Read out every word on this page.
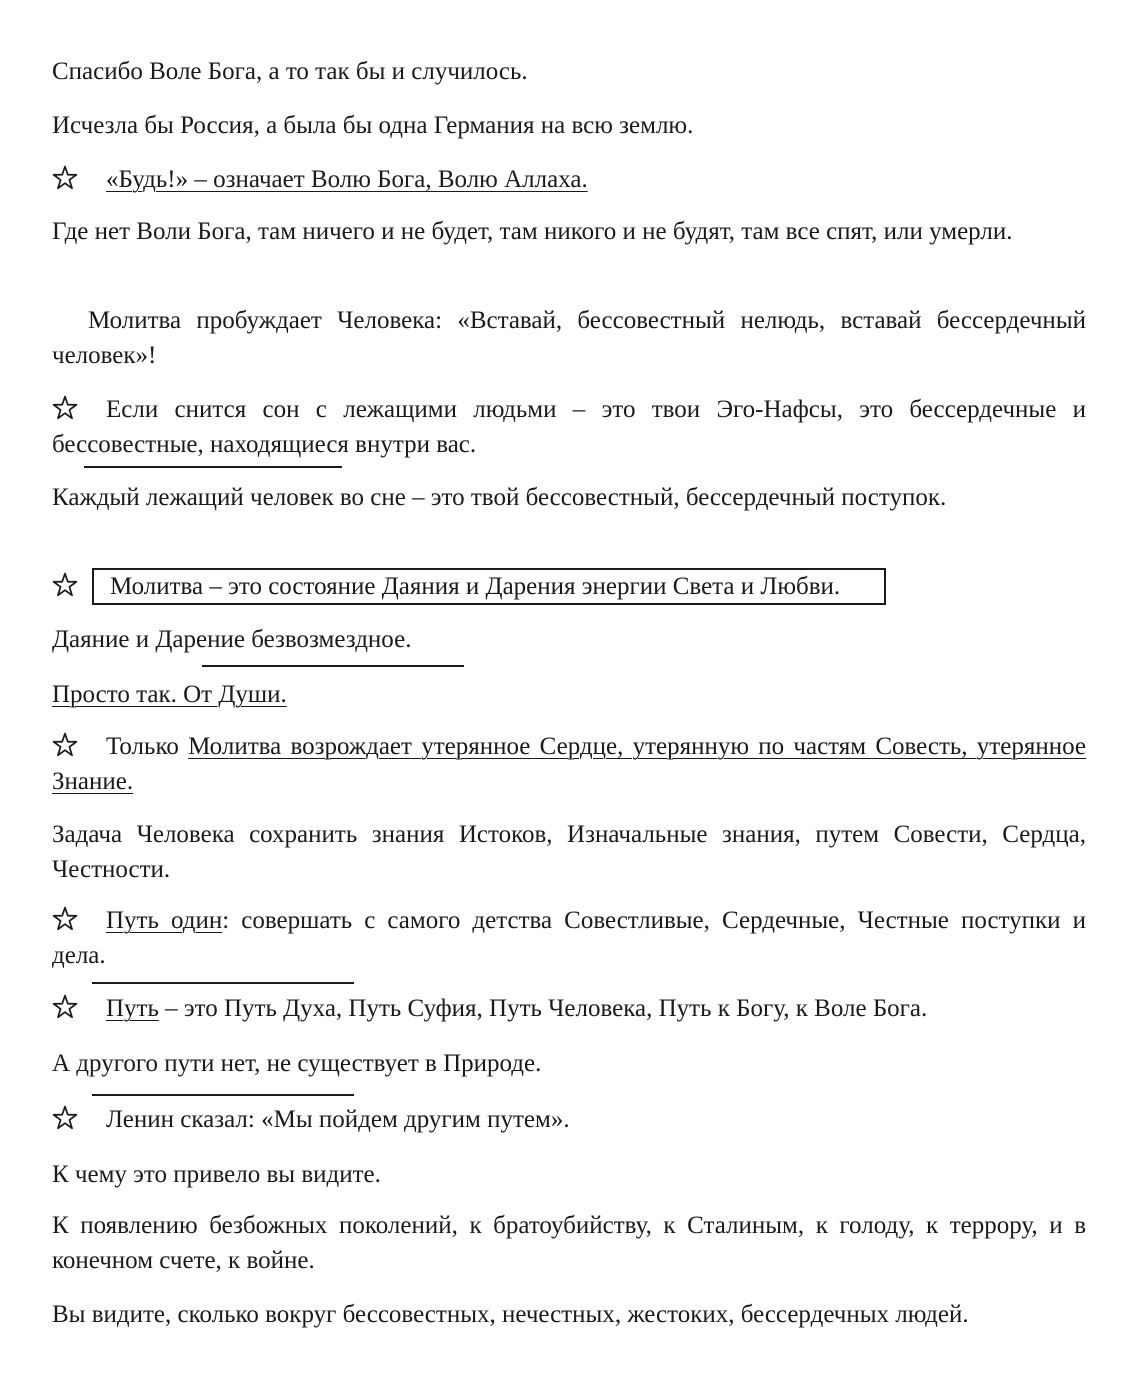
Спасибо Воле Бога, а то так бы и случилось.

Исчезла бы Россия, а была бы одна Германия на всю землю.

«Будь!» – означает Волю Бога, Волю Аллаха.

Где нет Воли Бога, там ничего и не будет, там никого и не будят, там все спят, или умерли.

Молитва пробуждает Человека: «Вставай, бессовестный нелюдь, вставай бессердечный человек»!

Если снится сон с лежащими людьми – это твои Эго-Нафсы, это бессердечные и бессовестные, находящиеся внутри вас.

Каждый лежащий человек во сне – это твой бессовестный, бессердечный поступок.

Молитва – это состояние Даяния и Дарения энергии Света и Любви.

Даяние и Дарение безвозмездное.

Просто так. От Души.

Только Молитва возрождает утерянное Сердце, утерянную по частям Совесть, утерянное Знание.

Задача Человека сохранить знания Истоков, Изначальные знания, путем Совести, Сердца, Честности.

Путь один: совершать с самого детства Совестливые, Сердечные, Честные поступки и дела.

Путь – это Путь Духа, Путь Суфия, Путь Человека, Путь к Богу, к Воле Бога.

А другого пути нет, не существует в Природе.

Ленин сказал: «Мы пойдем другим путем».

К чему это привело вы видите.

К появлению безбожных поколений, к братоубийству, к Сталиным, к голоду, к террору, и в конечном счете, к войне.

Вы видите, сколько вокруг бессовестных, нечестных, жестоких, бессердечных людей.
